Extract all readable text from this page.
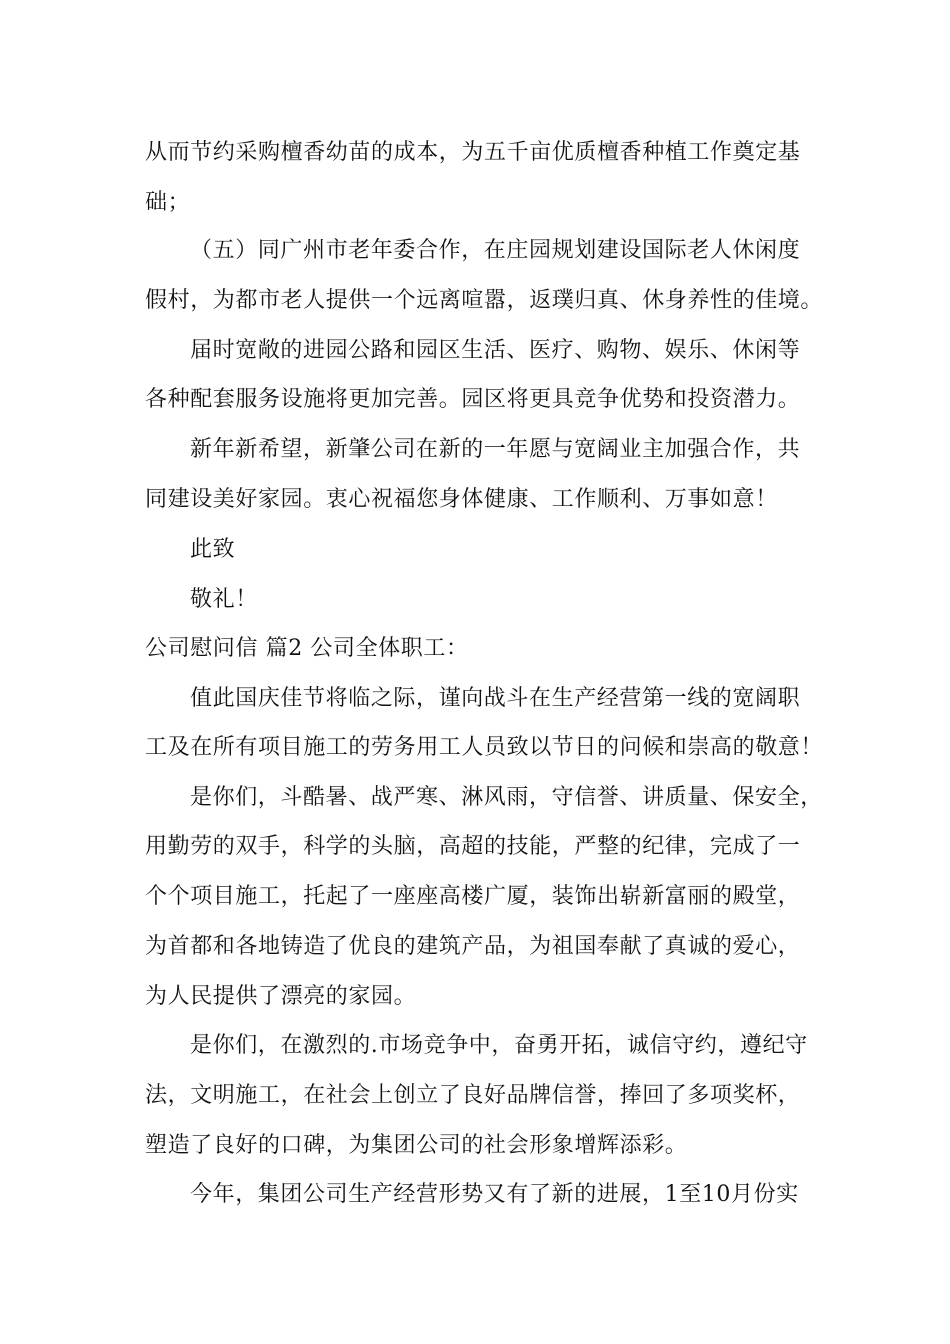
从而节约采购檀香幼苗的成本，为五千亩优质檀香种植工作奠定基
础；
（五）同广州市老年委合作，在庄园规划建设国际老人休闲度
假村，为都市老人提供一个远离喧嚣，返璞归真、休身养性的佳境。
届时宽敞的进园公路和园区生活、医疗、购物、娱乐、休闲等
各种配套服务设施将更加完善。园区将更具竞争优势和投资潜力。
新年新希望，新肇公司在新的一年愿与宽阔业主加强合作，共
同建设美好家园。衷心祝福您身体健康、工作顺利、万事如意！
此致
敬礼！
公司慰问信 篇2 公司全体职工：
值此国庆佳节将临之际，谨向战斗在生产经营第一线的宽阔职
工及在所有项目施工的劳务用工人员致以节日的问候和崇高的敬意！
是你们，斗酷暑、战严寒、淋风雨，守信誉、讲质量、保安全，
用勤劳的双手，科学的头脑，高超的技能，严整的纪律，完成了一
个个项目施工，托起了一座座高楼广厦，装饰出崭新富丽的殿堂，
为首都和各地铸造了优良的建筑产品，为祖国奉献了真诚的爱心，
为人民提供了漂亮的家园。
是你们，在激烈的.市场竞争中，奋勇开拓，诚信守约，遵纪守
法，文明施工，在社会上创立了良好品牌信誉，捧回了多项奖杯，
塑造了良好的口碑，为集团公司的社会形象增辉添彩。
今年，集团公司生产经营形势又有了新的进展，1至10月份实
